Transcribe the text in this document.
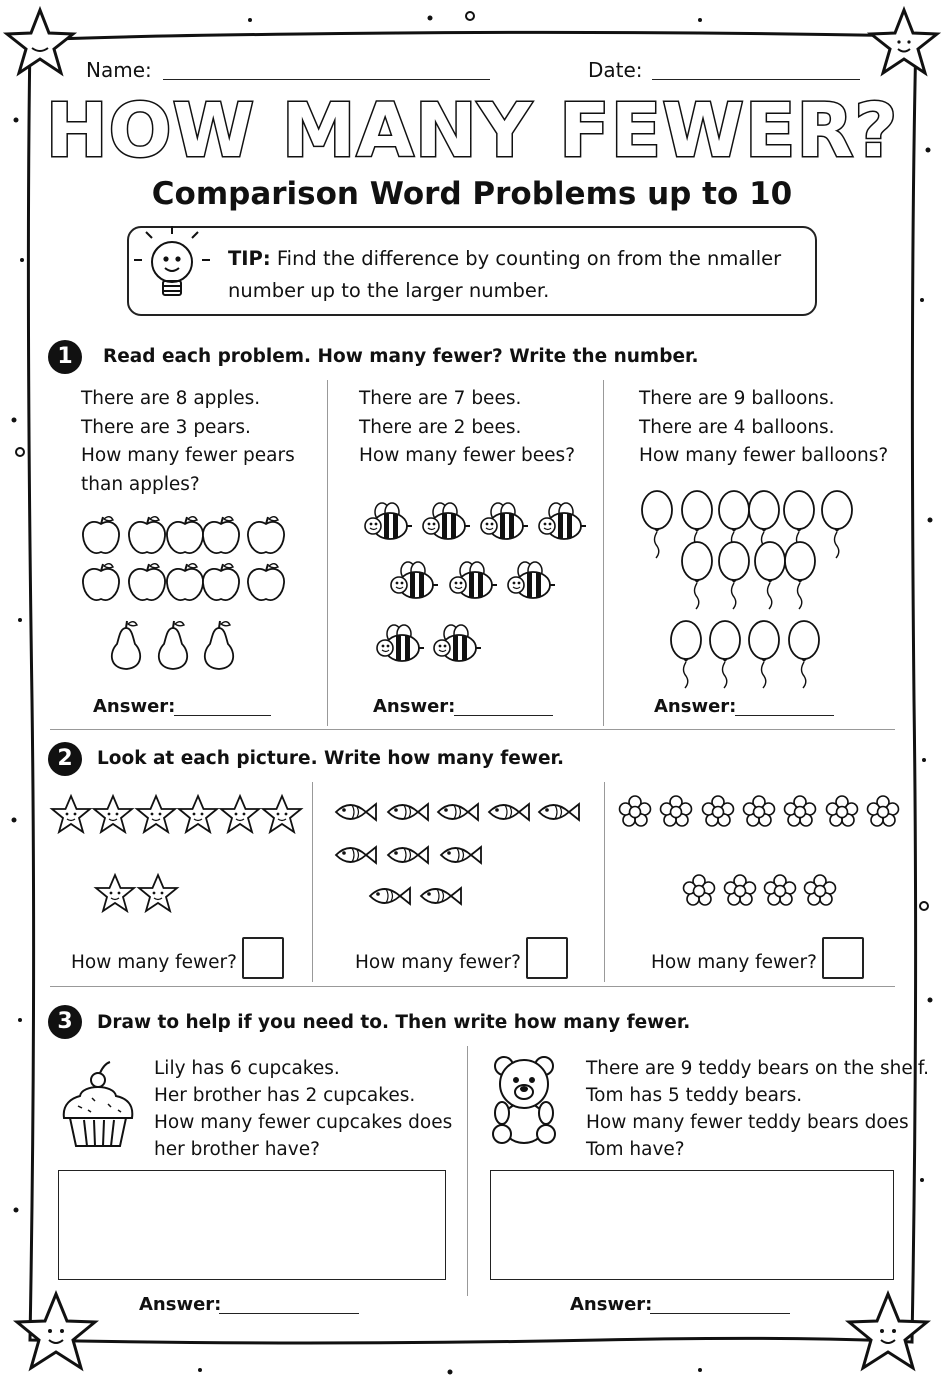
Name:	Date:
HOW MANY FEWER?
Comparison Word Problems up to 10
TIP: Find the difference by counting on from the nmaller number up to the larger number.
1	Read each problem. How many fewer? Write the number.
There are 8 apples.
There are 3 pears.
How many fewer pears
than apples?
Answer:
There are 7 bees.
There are 2 bees.
How many fewer bees?
Answer:
There are 9 balloons.
There are 4 balloons.
How many fewer balloons?
Answer:
2	Look at each picture. Write how many fewer.
How many fewer?	How many fewer?	How many fewer?
3	Draw to help if you need to. Then write how many fewer.
Lily has 6 cupcakes.
Her brother has 2 cupcakes.
How many fewer cupcakes does
her brother have?
There are 9 teddy bears on the shelf.
Tom has 5 teddy bears.
How many fewer teddy bears does
Tom have?
Answer:	Answer:
